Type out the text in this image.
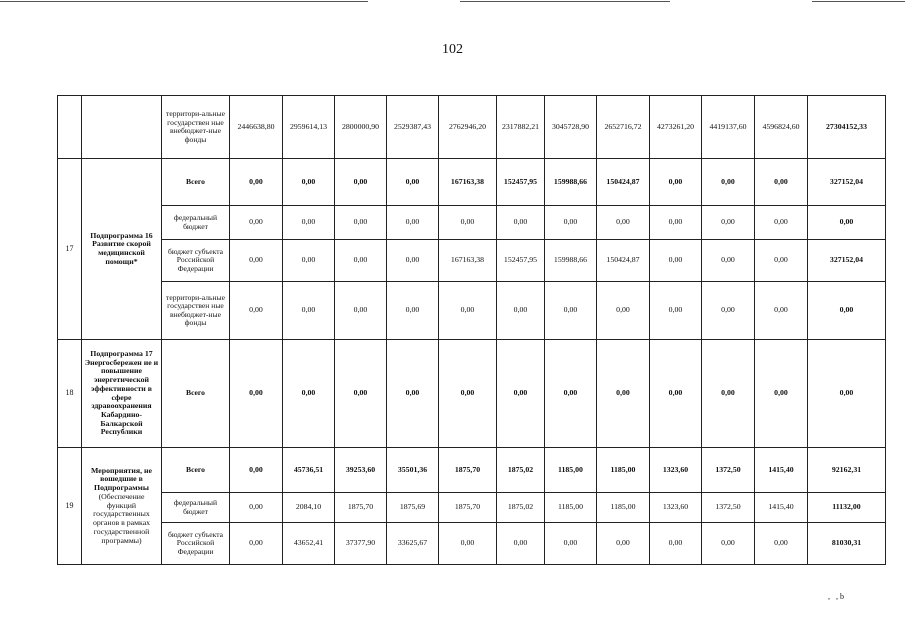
102
		территори-альные государствен ные внебюджет-ные фонды	2446638,80	2959614,13	2800000,90	2529387,43	2762946,20	2317882,21	3045728,90	2652716,72	4273261,20	4419137,60	4596824,60	27304152,33
17	Подпрограмма 16 Развитие скорой медицинской помощи*	Всего	0,00	0,00	0,00	0,00	167163,38	152457,95	159988,66	150424,87	0,00	0,00	0,00	327152,04
		федеральный бюджет	0,00	0,00	0,00	0,00	0,00	0,00	0,00	0,00	0,00	0,00	0,00	0,00
		бюджет субъекта Российской Федерации	0,00	0,00	0,00	0,00	167163,38	152457,95	159988,66	150424,87	0,00	0,00	0,00	327152,04
		территори-альные государствен ные внебюджет-ные фонды	0,00	0,00	0,00	0,00	0,00	0,00	0,00	0,00	0,00	0,00	0,00	0,00
18	Подпрограмма 17 Энергосбережен ие и повышение энергетической эффективности в сфере здравоохранения Кабардино-Балкарской Республики	Всего	0,00	0,00	0,00	0,00	0,00	0,00	0,00	0,00	0,00	0,00	0,00	0,00
19	Мероприятия, не вошедшие в Подпрограммы (Обеспечение функций государственных органов в рамках государственной программы)	Всего	0,00	45736,51	39253,60	35501,36	1875,70	1875,02	1185,00	1185,00	1323,60	1372,50	1415,40	92162,31
		федеральный бюджет	0,00	2084,10	1875,70	1875,69	1875,70	1875,02	1185,00	1185,00	1323,60	1372,50	1415,40	11132,00
		бюджет субъекта Российской Федерации	0,00	43652,41	37377,90	33625,67	0,00	0,00	0,00	0,00	0,00	0,00	0,00	81030,31
, ,b
